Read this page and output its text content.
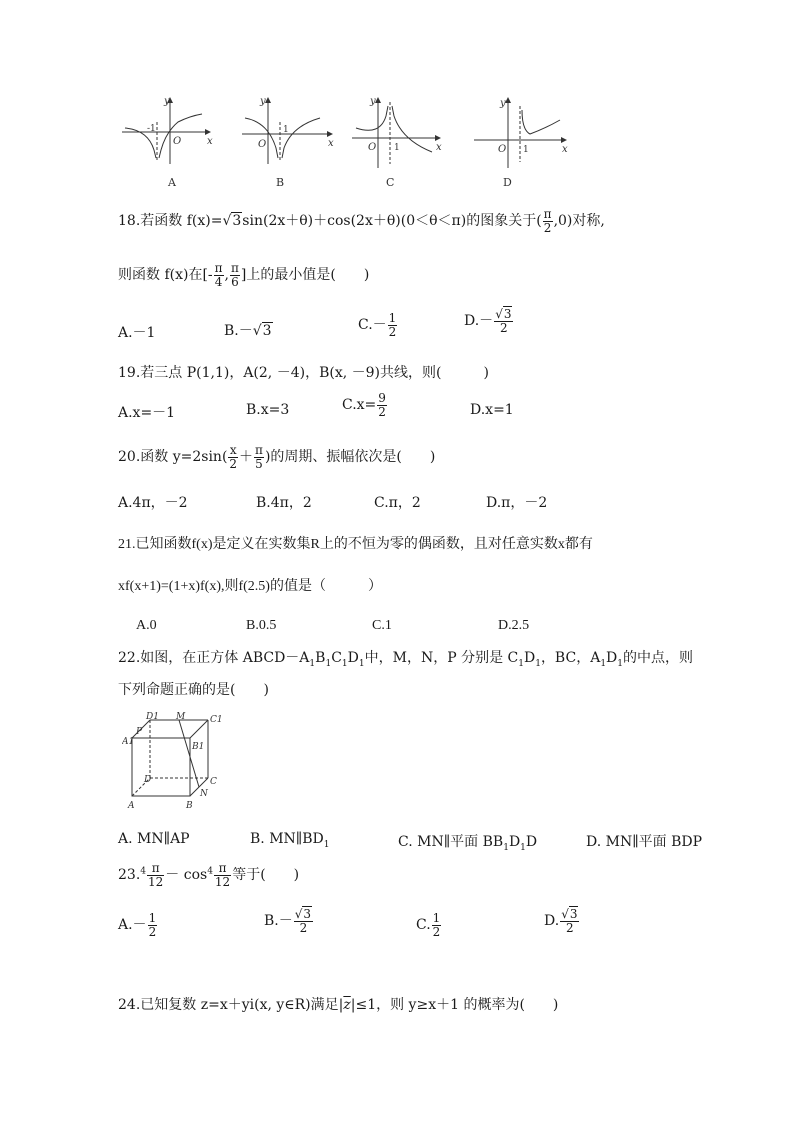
y
x
O
-1
A
y
x
O
1
B
y
x
O 1
C
y
x
O 1
D
18.若函数 f(x)=√3sin(2x＋θ)＋cos(2x＋θ)(0＜θ＜π)的图象关于( $\frac{\pi}{2} ,0$)对称,
则函数 f(x)在[- $\frac{\pi}{4}$ , $\frac{\pi}{6}$ ]上的最小值是(　　)
A.－1	B.－√3	$C.- \frac{1}{2}$	$D.- \frac{√3}{2}$
19.若三点 P(1,1)，A(2, －4)，B(x, －9)共线，则(　　　)
A.x=－1	B.x=3	$C.x= \frac{9}{2}$	D.x=1
20.函数 $y=2\sin( \frac{x}{2} + \frac{\pi}{5}$ )的周期、振幅依次是(　　)
A.4π，－2	B.4π，2	C.π，2	D.π，－2
21.已知函数f(x)是定义在实数集R上的不恒为零的偶函数，且对任意实数x都有
xf(x+1)=(1+x)f(x),则f(2.5)的值是（　　　）
A.0	B.0.5	C.1	D.2.5
22.如图，在正方体 $ABCD-A_1B_1C_1D_1$中，M，N，P 分别是 $C_1D_1$，BC，$A_1D_1$的中点，则
下列命题正确的是(　　)
D1 M	C1
P
A1	B1
D	C
N
A	B
A. MN∥AP	B. $MN\parallel BD_1$	C. MN∥平面 $BB_1D_1D$	D. MN∥平面 BDP
$23.^4 \frac{\pi}{12} - \cos^4 \frac{\pi}{12}$ 等于(　　)
$A.- \frac{1}{2}$	$B.- \frac{√3}{2}$	C. $\frac{1}{2}$	D. $\frac{√3}{2}$
24.已知复数 z=x＋yi(x, y∈R)满足$|\overline{z}|\le 1$，则 y≥x＋1 的概率为(　　)
